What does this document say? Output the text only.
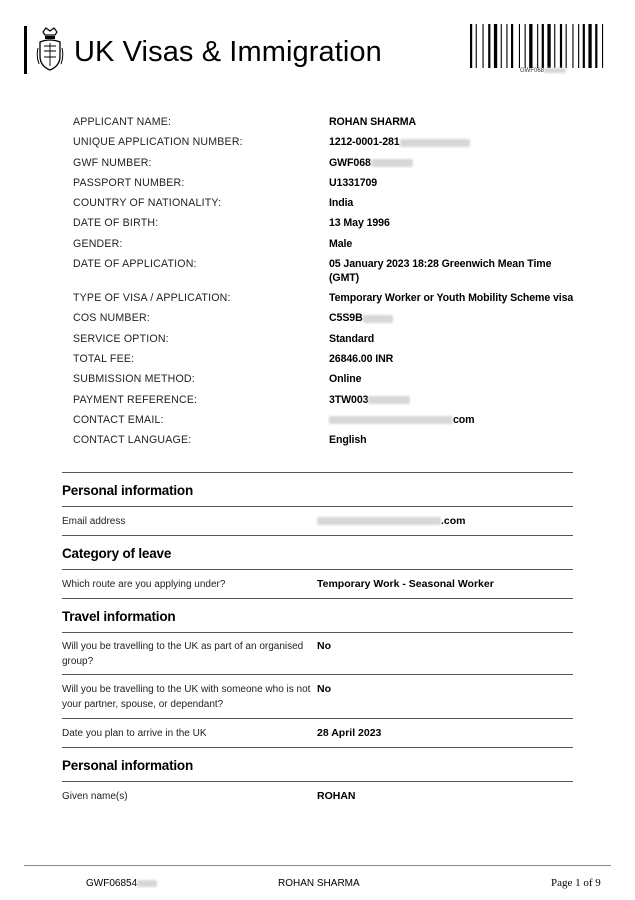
UK Visas & Immigration
GWF068
APPLICANT NAME:	ROHAN SHARMA
UNIQUE APPLICATION NUMBER:	1212-0001-281
GWF NUMBER:	GWF068
PASSPORT NUMBER:	U1331709
COUNTRY OF NATIONALITY:	India
DATE OF BIRTH:	13 May 1996
GENDER:	Male
DATE OF APPLICATION:	05 January 2023 18:28 Greenwich Mean Time (GMT)
TYPE OF VISA / APPLICATION:	Temporary Worker or Youth Mobility Scheme visa
COS NUMBER:	C5S9B
SERVICE OPTION:	Standard
TOTAL FEE:	26846.00 INR
SUBMISSION METHOD:	Online
PAYMENT REFERENCE:	3TW003
CONTACT EMAIL:	com
CONTACT LANGUAGE:	English
Personal information
Email address	.com
Category of leave
Which route are you applying under?	Temporary Work - Seasonal Worker
Travel information
Will you be travelling to the UK as part of an organised group?
No
Will you be travelling to the UK with someone who is not your partner, spouse, or dependant?
No
Date you plan to arrive in the UK	28 April 2023
Personal information
Given name(s)	ROHAN
GWF06854	ROHAN SHARMA	Page 1 of 9
